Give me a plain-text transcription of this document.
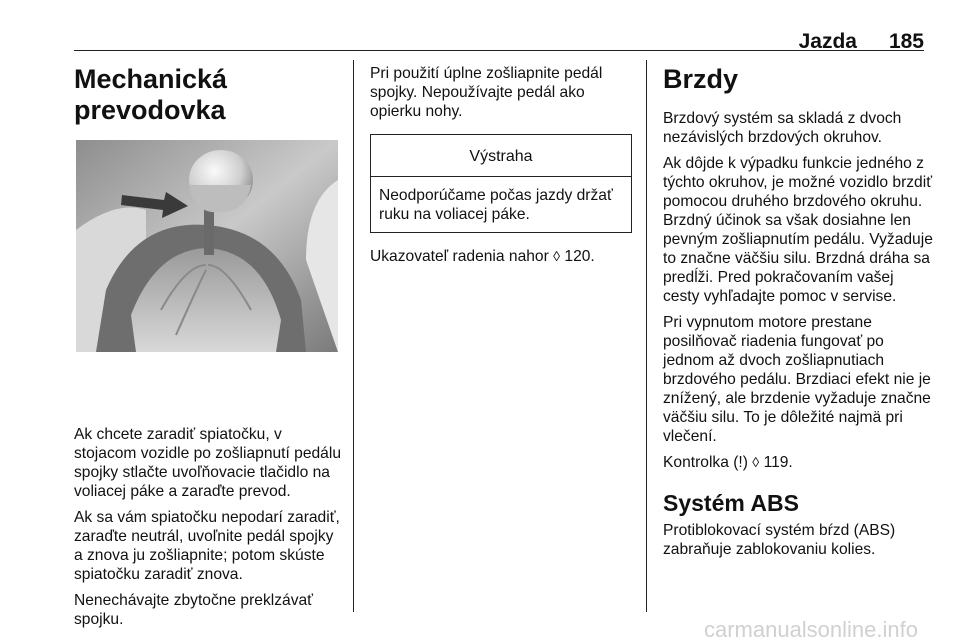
Jazda 185
Mechanická
prevodovka

Ak chcete zaradiť spiatočku, v stojacom vozidle po zošliapnutí pedálu spojky stlačte uvoľňovacie tlačidlo na voliacej páke a zaraďte prevod.

Ak sa vám spiatočku nepodarí zaradiť, zaraďte neutrál, uvoľnite pedál spojky a znova ju zošliapnite; potom skúste spiatočku zaradiť znova.

Nenechávajte zbytočne preklzávať spojku.

Pri použití úplne zošliapnite pedál spojky. Nepoužívajte pedál ako opierku nohy.

Výstraha
Neodporúčame počas jazdy držať ruku na voliacej páke.

Ukazovateľ radenia nahor ◊ 120.

Brzdy

Brzdový systém sa skladá z dvoch nezávislých brzdových okruhov.

Ak dôjde k výpadku funkcie jedného z týchto okruhov, je možné vozidlo brzdiť pomocou druhého brzdového okruhu. Brzdný účinok sa však dosiahne len pevným zošliapnutím pedálu. Vyžaduje to značne väčšiu silu. Brzdná dráha sa predĺži. Pred pokračovaním vašej cesty vyhľadajte pomoc v servise.

Pri vypnutom motore prestane posilňovač riadenia fungovať po jednom až dvoch zošliapnutiach brzdového pedálu. Brzdiaci efekt nie je znížený, ale brzdenie vyžaduje značne väčšiu silu. To je dôležité najmä pri vlečení.

Kontrolka (!) ◊ 119.

Systém ABS

Protiblokovací systém bŕzd (ABS) zabraňuje zablokovaniu kolies.

carmanualsonline.info
